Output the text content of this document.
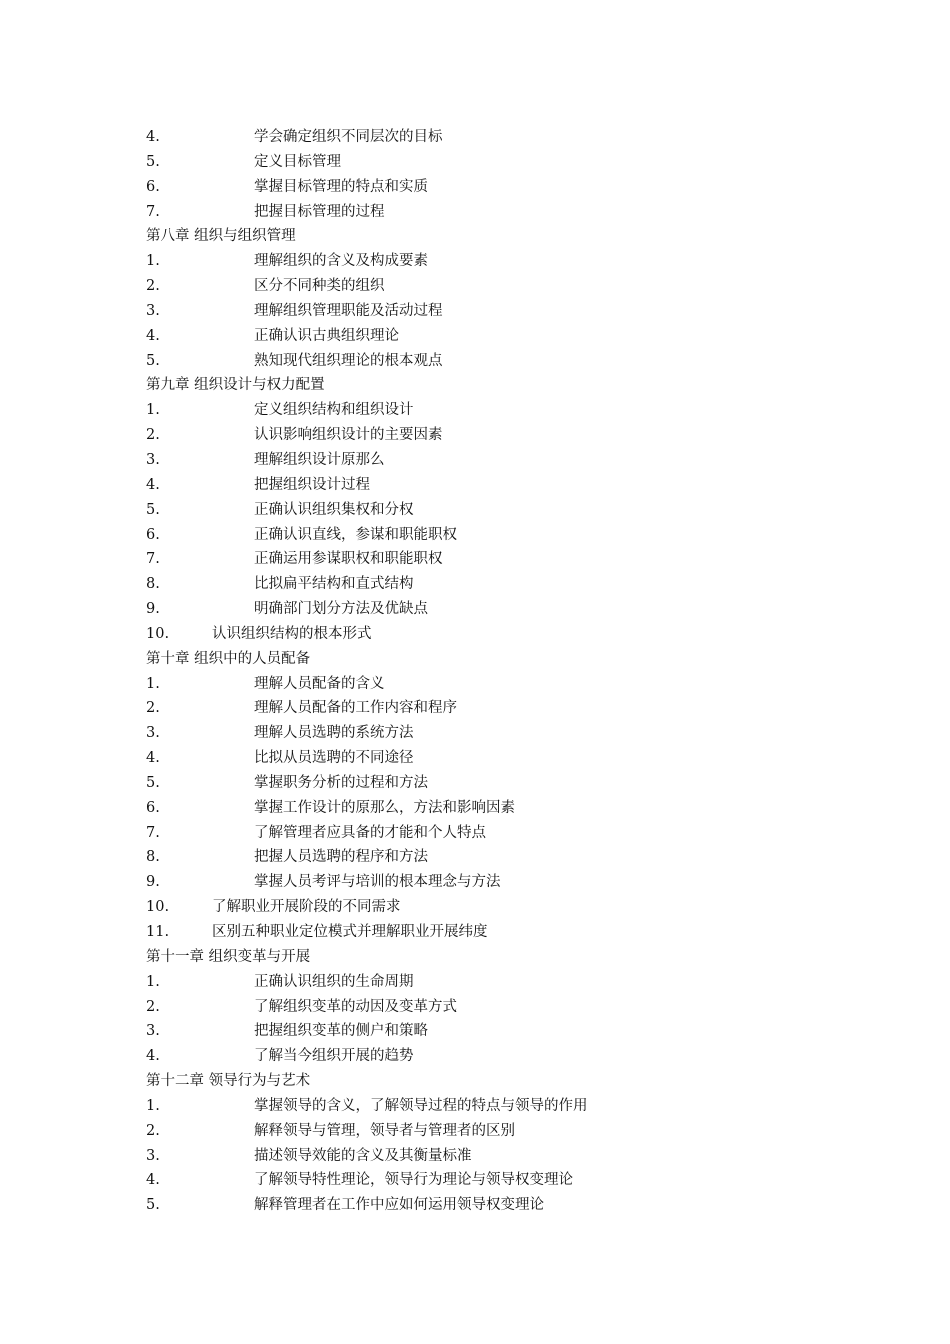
4.	学会确定组织不同层次的目标
5.	定义目标管理
6.	掌握目标管理的特点和实质
7.	把握目标管理的过程
第八章 组织与组织管理
1.	理解组织的含义及构成要素
2.	区分不同种类的组织
3.	理解组织管理职能及活动过程
4.	正确认识古典组织理论
5.	熟知现代组织理论的根本观点
第九章 组织设计与权力配置
1.	定义组织结构和组织设计
2.	认识影响组织设计的主要因素
3.	理解组织设计原那么
4.	把握组织设计过程
5.	正确认识组织集权和分权
6.	正确认识直线，参谋和职能职权
7.	正确运用参谋职权和职能职权
8.	比拟扁平结构和直式结构
9.	明确部门划分方法及优缺点
10.	认识组织结构的根本形式
第十章 组织中的人员配备
1.	理解人员配备的含义
2.	理解人员配备的工作内容和程序
3.	理解人员选聘的系统方法
4.	比拟从员选聘的不同途径
5.	掌握职务分析的过程和方法
6.	掌握工作设计的原那么，方法和影响因素
7.	了解管理者应具备的才能和个人特点
8.	把握人员选聘的程序和方法
9.	掌握人员考评与培训的根本理念与方法
10.	了解职业开展阶段的不同需求
11.	区别五种职业定位模式并理解职业开展纬度
第十一章 组织变革与开展
1.	正确认识组织的生命周期
2.	了解组织变革的动因及变革方式
3.	把握组织变革的侧户和策略
4.	了解当今组织开展的趋势
第十二章 领导行为与艺术
1.	掌握领导的含义，了解领导过程的特点与领导的作用
2.	解释领导与管理，领导者与管理者的区别
3.	描述领导效能的含义及其衡量标准
4.	了解领导特性理论，领导行为理论与领导权变理论
5.	解释管理者在工作中应如何运用领导权变理论
